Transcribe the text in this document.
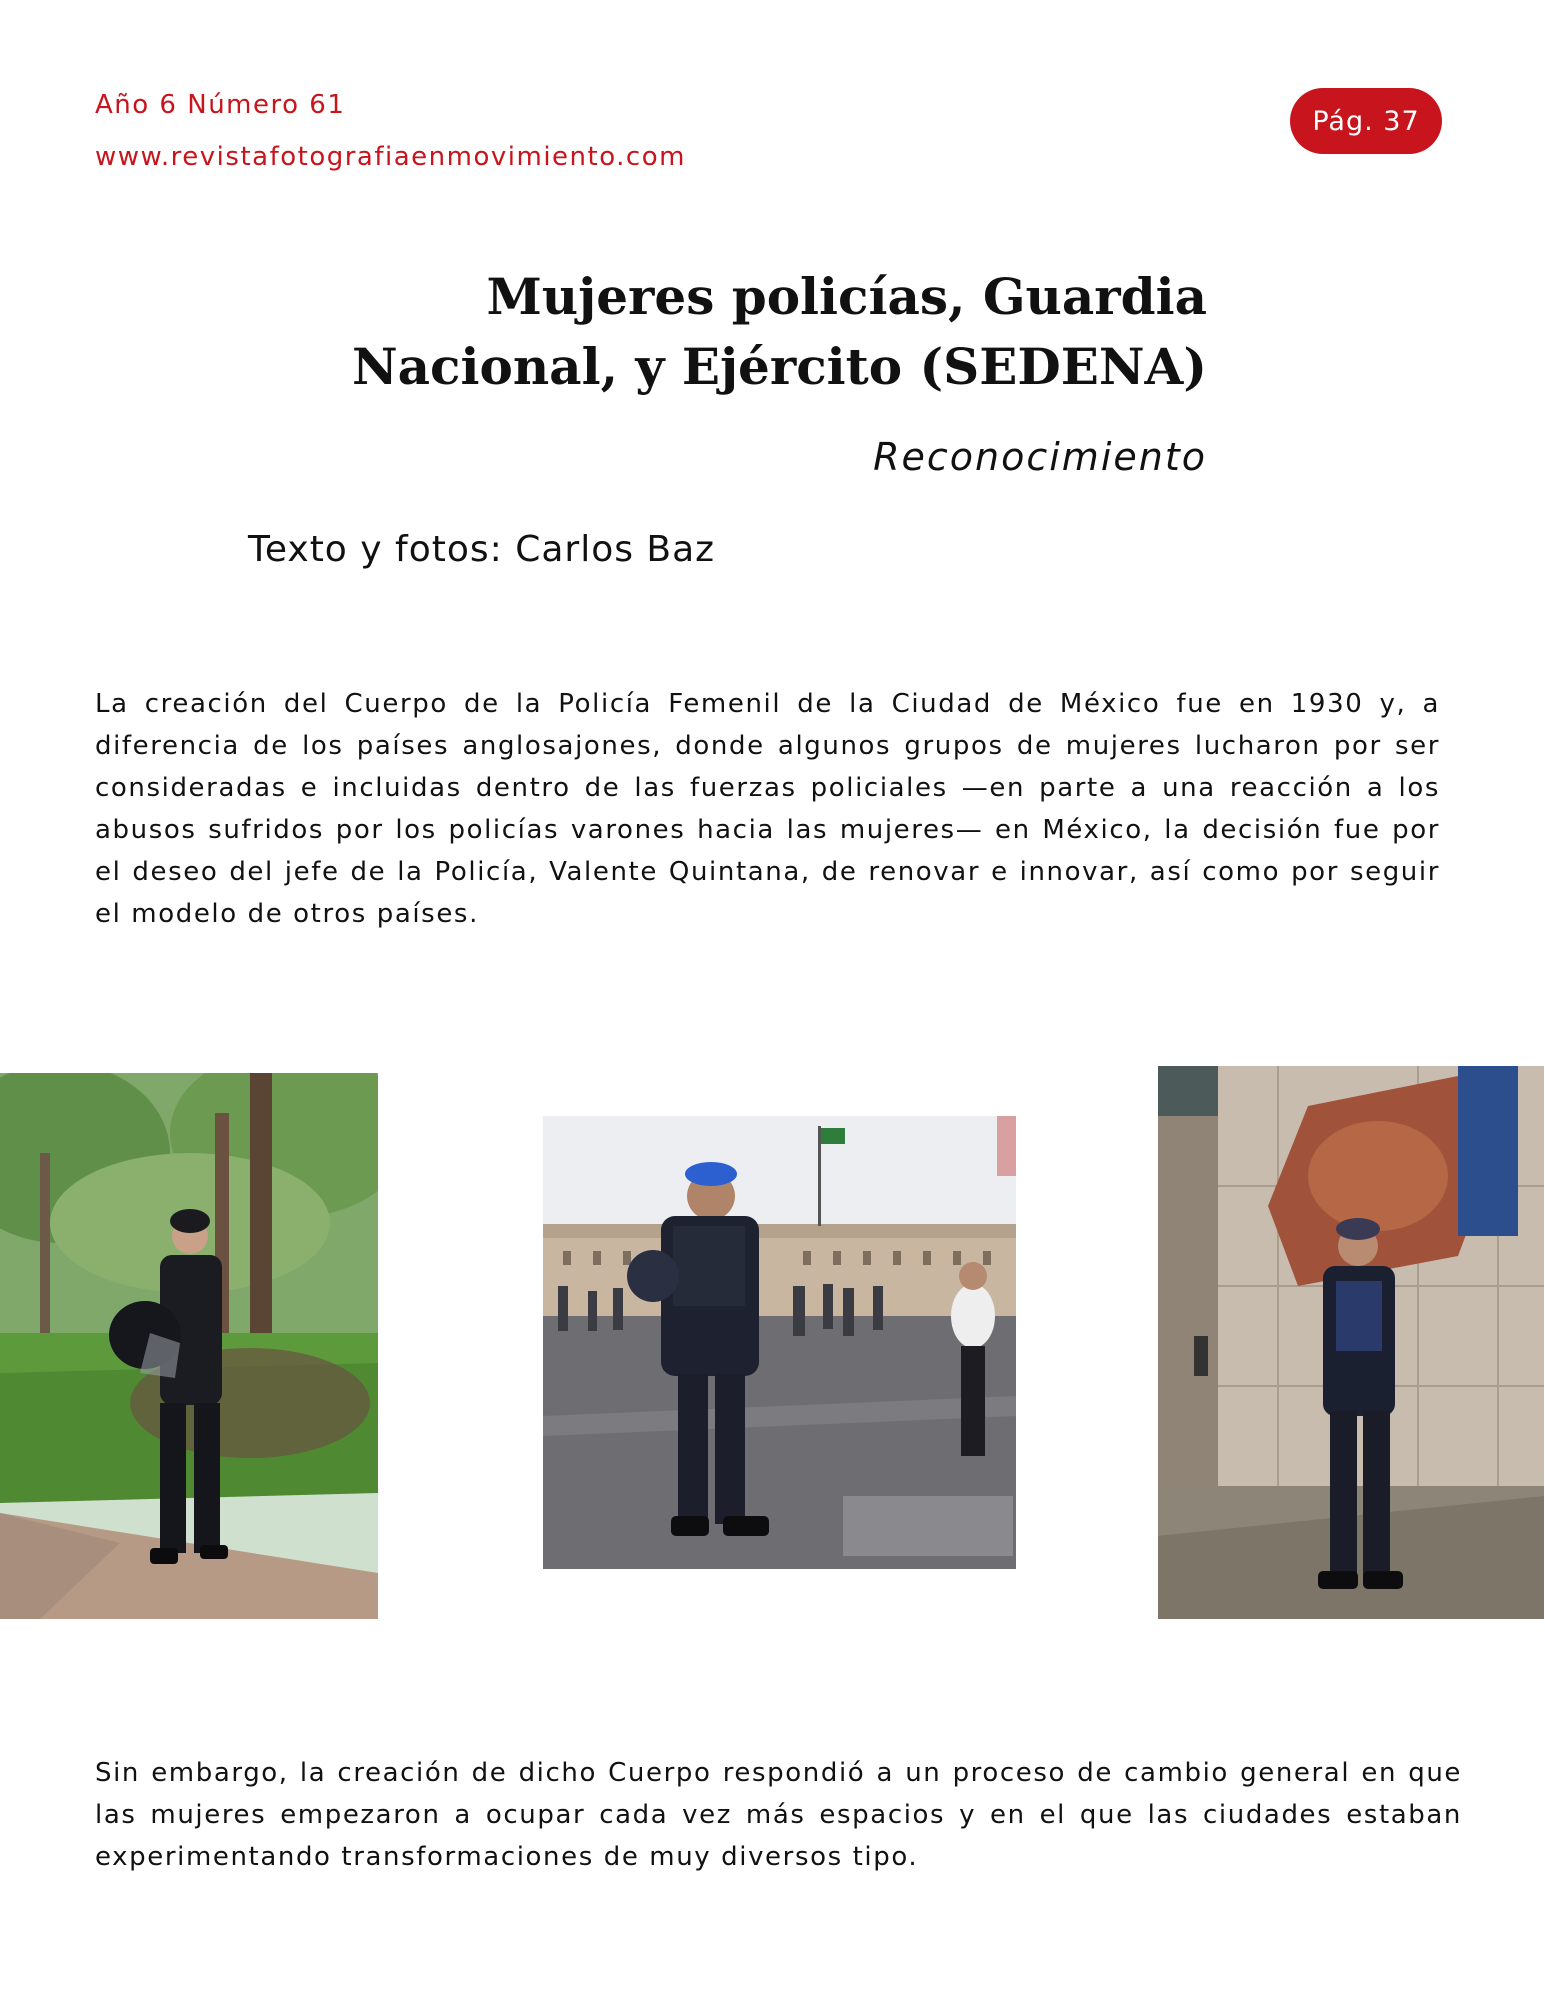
Año 6 Número 61
www.revistafotografiaenmovimiento.com
Pág. 37
Mujeres policías, Guardia Nacional, y Ejército (SEDENA)
Reconocimiento
Texto y fotos: Carlos Baz

La creación del Cuerpo de la Policía Femenil de la Ciudad de México fue en 1930 y, a diferencia de los países anglosajones, donde algunos grupos de mujeres lucharon por ser consideradas e incluidas dentro de las fuerzas policiales —en parte a una reacción a los abusos sufridos por los policías varones hacia las mujeres— en México, la decisión fue por el deseo del jefe de la Policía, Valente Quintana, de renovar e innovar, así como por seguir el modelo de otros países.

Sin embargo, la creación de dicho Cuerpo respondió a un proceso de cambio general en que las mujeres empezaron a ocupar cada vez más espacios y en el que las ciudades estaban experimentando transformaciones de muy diversos tipo.
